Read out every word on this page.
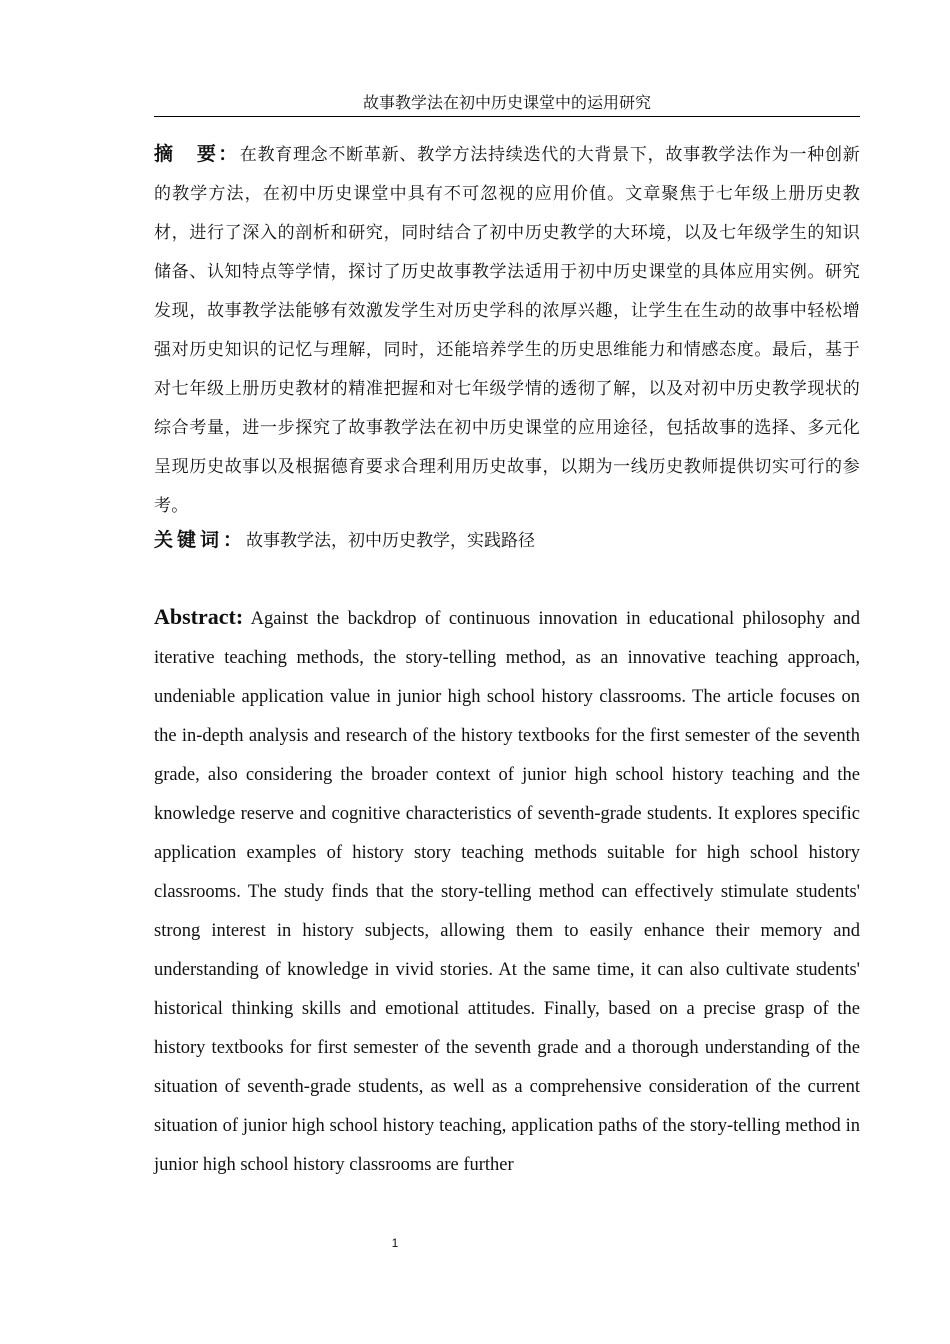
故事教学法在初中历史课堂中的运用研究
摘　要：在教育理念不断革新、教学方法持续迭代的大背景下，故事教学法作为一种创新的教学方法，在初中历史课堂中具有不可忽视的应用价值。文章聚焦于七年级上册历史教材，进行了深入的剖析和研究，同时结合了初中历史教学的大环境，以及七年级学生的知识储备、认知特点等学情，探讨了历史故事教学法适用于初中历史课堂的具体应用实例。研究发现，故事教学法能够有效激发学生对历史学科的浓厚兴趣，让学生在生动的故事中轻松增强对历史知识的记忆与理解，同时，还能培养学生的历史思维能力和情感态度。最后，基于对七年级上册历史教材的精准把握和对七年级学情的透彻了解，以及对初中历史教学现状的综合考量，进一步探究了故事教学法在初中历史课堂的应用途径，包括故事的选择、多元化呈现历史故事以及根据德育要求合理利用历史故事，以期为一线历史教师提供切实可行的参考。
关键词：故事教学法，初中历史教学，实践路径
Abstract: Against the backdrop of continuous innovation in educational philosophy and iterative teaching methods, the story-telling method, as an innovative teaching approach, undeniable application value in junior high school history classrooms. The article focuses on the in-depth analysis and research of the history textbooks for the first semester of the seventh grade, also considering the broader context of junior high school history teaching and the knowledge reserve and cognitive characteristics of seventh-grade students. It explores specific application examples of history story teaching methods suitable for high school history classrooms. The study finds that the story-telling method can effectively stimulate students' strong interest in history subjects, allowing them to easily enhance their memory and understanding of knowledge in vivid stories. At the same time, it can also cultivate students' historical thinking skills and emotional attitudes. Finally, based on a precise grasp of the history textbooks for first semester of the seventh grade and a thorough understanding of the situation of seventh-grade students, as well as a comprehensive consideration of the current situation of junior high school history teaching, application paths of the story-telling method in junior high school history classrooms are further
1
